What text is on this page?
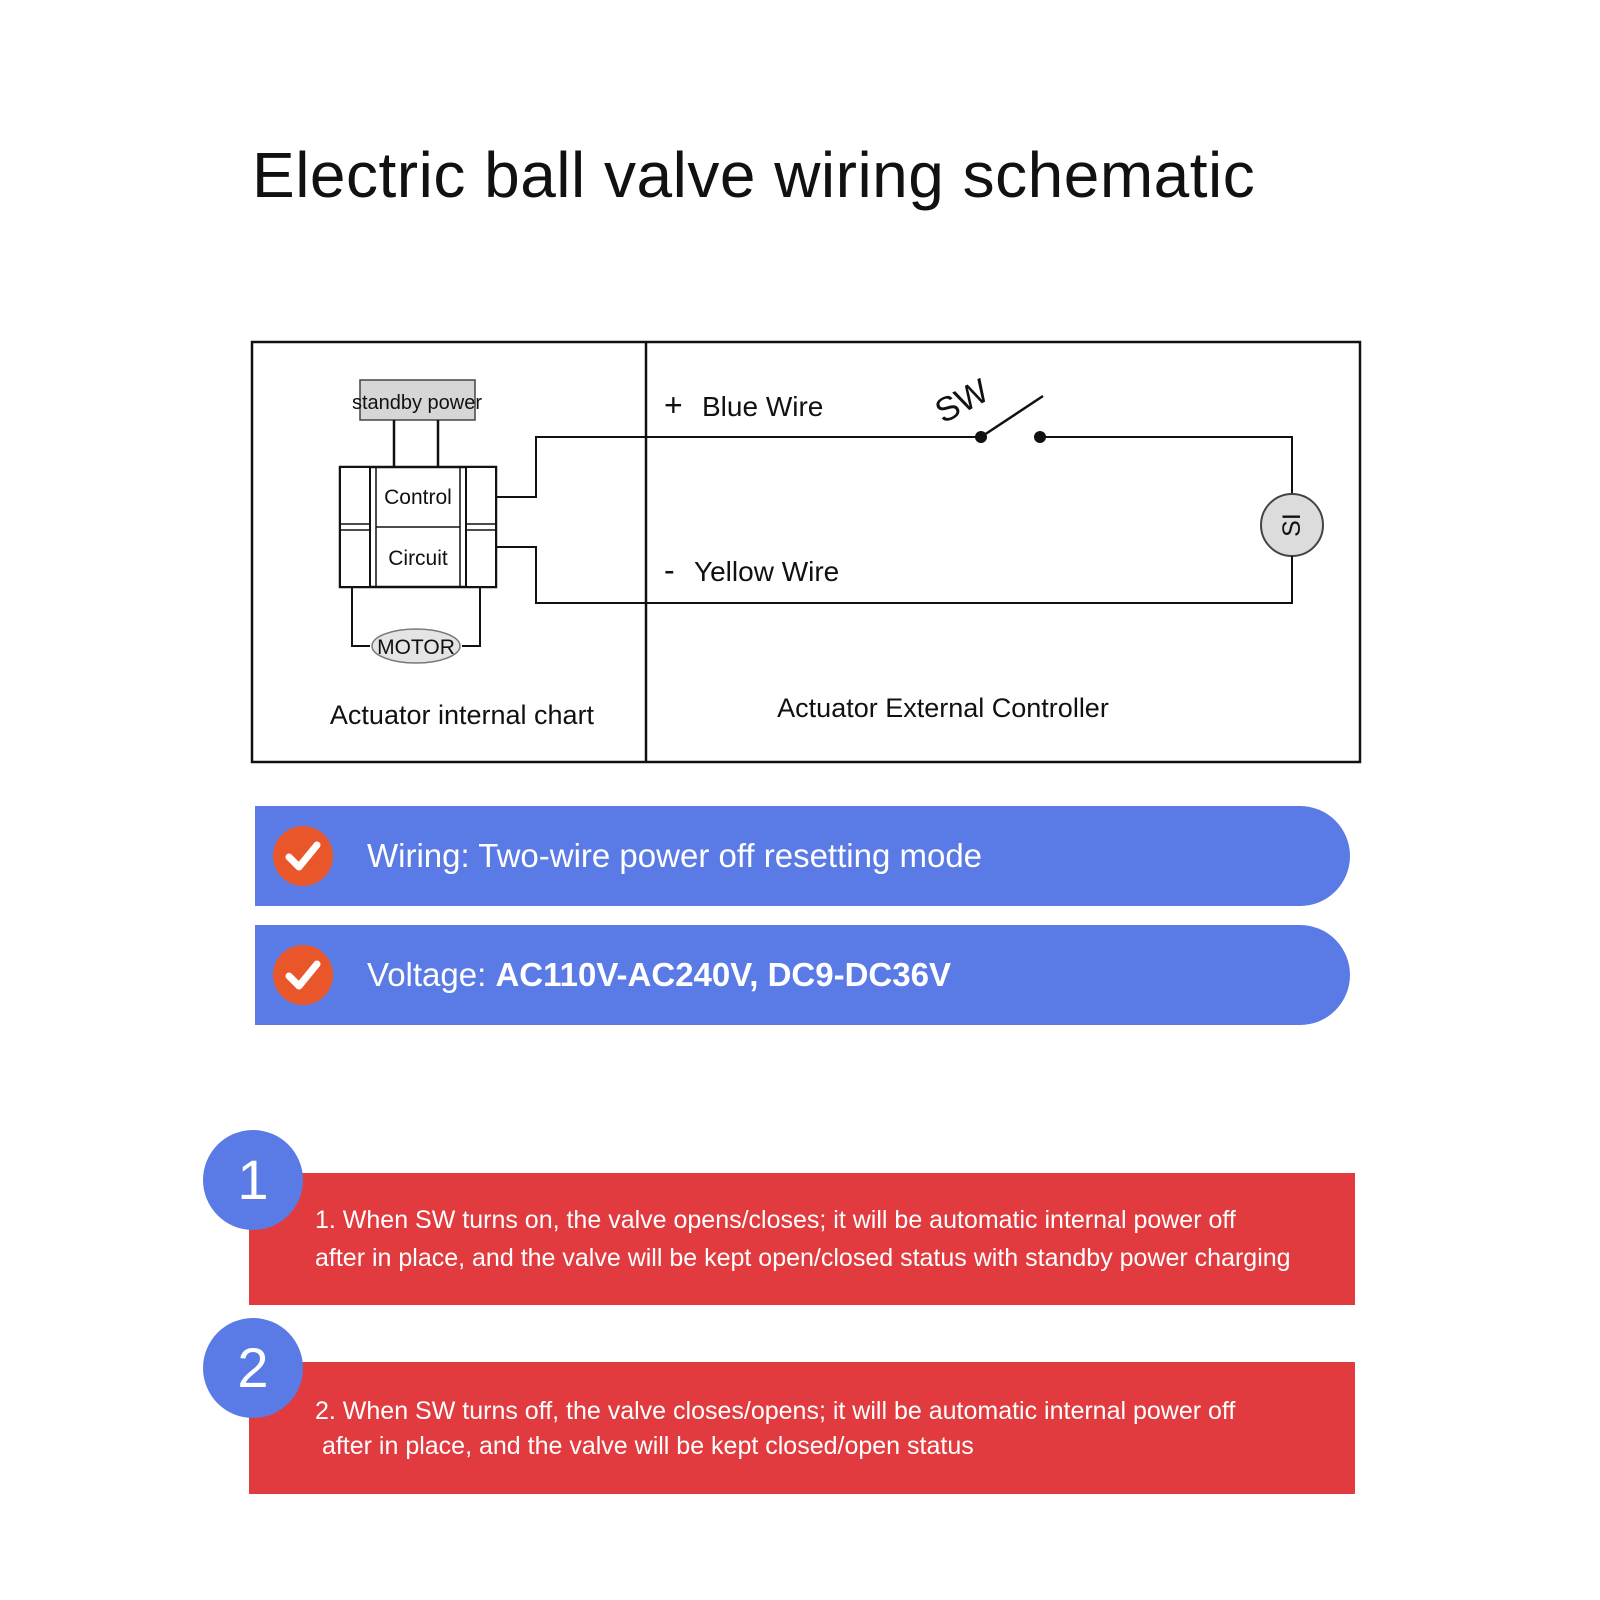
Electric ball valve wiring schematic
standby power
Control
Circuit
MOTOR
Actuator internal chart
+ Blue Wire
- Yellow Wire
SW
SI
Actuator External Controller
Wiring: Two-wire power off resetting mode
Voltage: AC110V-AC240V, DC9-DC36V
1. When SW turns on, the valve opens/closes; it will be automatic internal power off
after in place, and the valve will be kept open/closed status with standby power charging
1
2. When SW turns off, the valve closes/opens; it will be automatic internal power off
after in place, and the valve will be kept closed/open status
2
